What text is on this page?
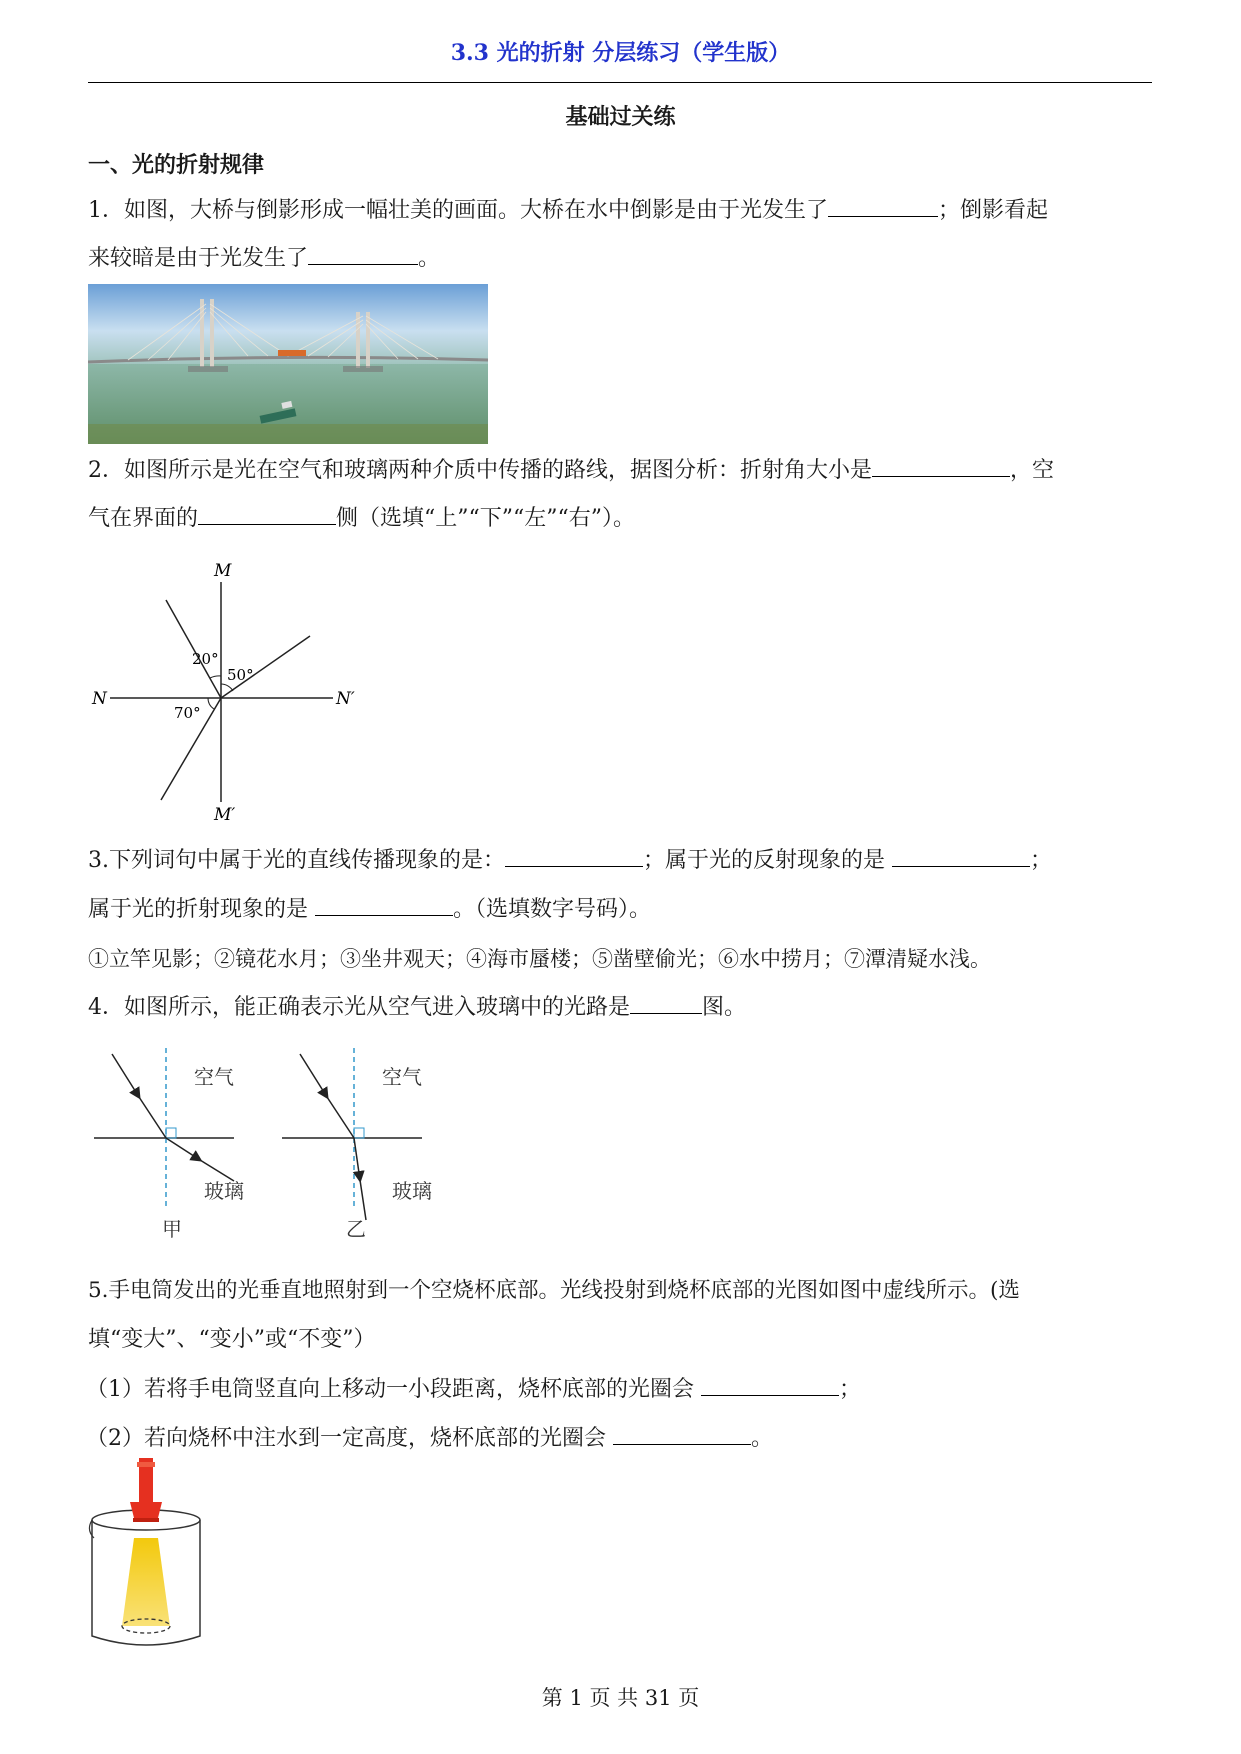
3.3 光的折射 分层练习（学生版）
基础过关练
一、光的折射规律
1．如图，大桥与倒影形成一幅壮美的画面。大桥在水中倒影是由于光发生了	；倒影看起
来较暗是由于光发生了	。
2．如图所示是光在空气和玻璃两种介质中传播的路线，据图分析：折射角大小是	，空
气在界面的	侧（选填“上”“下”“左”“右”）。
M
M′
N	N′
20°
50°
70°
3.下列词句中属于光的直线传播现象的是：	；属于光的反射现象的是	；
属于光的折射现象的是	。（选填数字号码）。
①立竿见影；②镜花水月；③坐井观天；④海市蜃楼；⑤凿壁偷光；⑥水中捞月；⑦潭清疑水浅。
4．如图所示，能正确表示光从空气进入玻璃中的光路是	图。
空气
玻璃
甲
空气
玻璃
乙
5.手电筒发出的光垂直地照射到一个空烧杯底部。光线投射到烧杯底部的光图如图中虚线所示。(选
填“变大”、“变小”或“不变”）
（1）若将手电筒竖直向上移动一小段距离，烧杯底部的光圈会	；
（2）若向烧杯中注水到一定高度，烧杯底部的光圈会	。
第 1 页 共 31 页
